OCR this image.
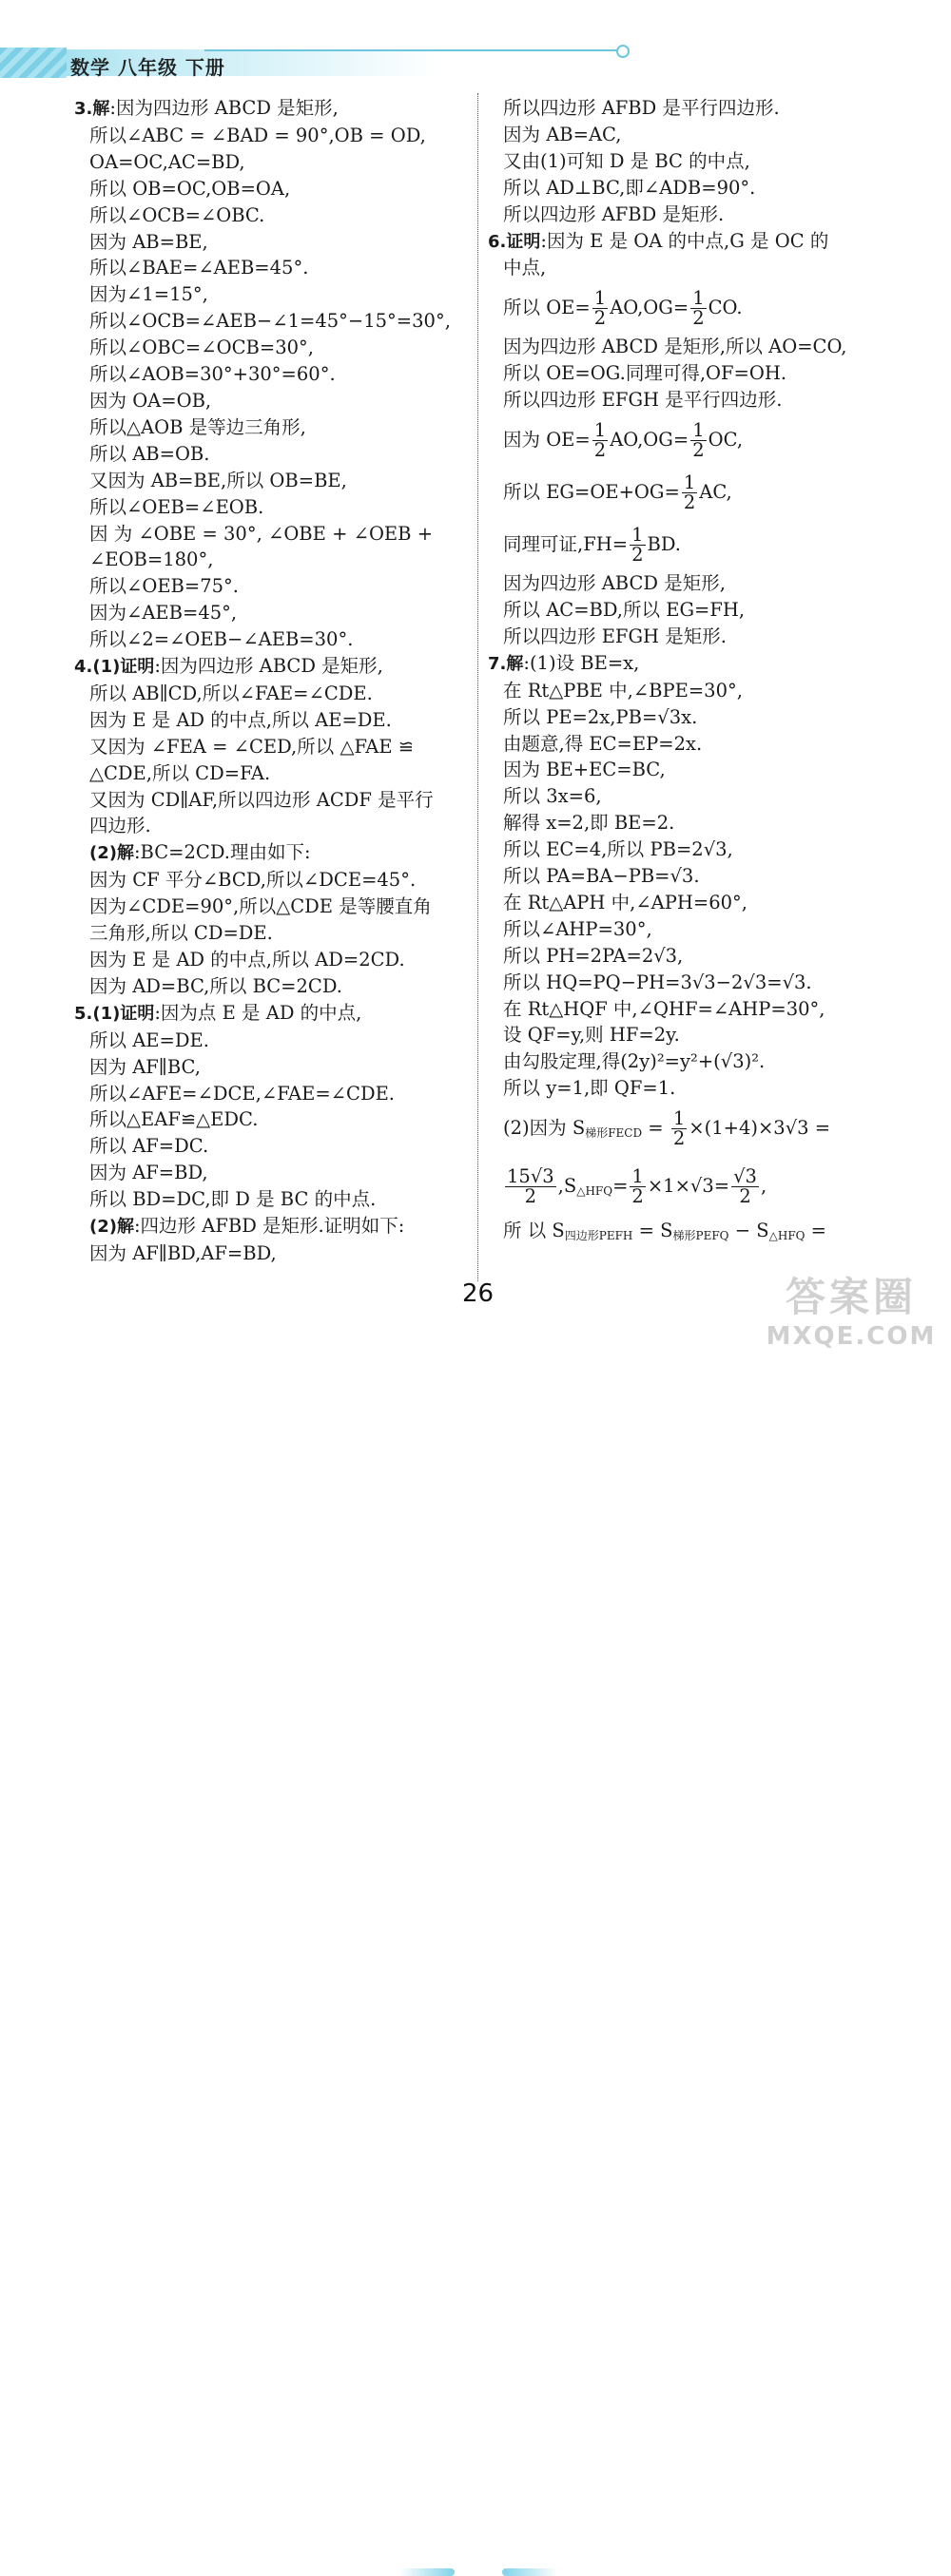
数学 八年级 下册
3.解:因为四边形 ABCD 是矩形,
所以∠ABC = ∠BAD = 90°,OB = OD,
OA=OC,AC=BD,
所以 OB=OC,OB=OA,
所以∠OCB=∠OBC.
因为 AB=BE,
所以∠BAE=∠AEB=45°.
因为∠1=15°,
所以∠OCB=∠AEB−∠1=45°−15°=30°,
所以∠OBC=∠OCB=30°,
所以∠AOB=30°+30°=60°.
因为 OA=OB,
所以△AOB 是等边三角形,
所以 AB=OB.
又因为 AB=BE,所以 OB=BE,
所以∠OEB=∠EOB.
因 为 ∠OBE = 30°, ∠OBE + ∠OEB +
∠EOB=180°,
所以∠OEB=75°.
因为∠AEB=45°,
所以∠2=∠OEB−∠AEB=30°.
4.(1)证明:因为四边形 ABCD 是矩形,
所以 AB∥CD,所以∠FAE=∠CDE.
因为 E 是 AD 的中点,所以 AE=DE.
又因为 ∠FEA = ∠CED,所以 △FAE ≌
△CDE,所以 CD=FA.
又因为 CD∥AF,所以四边形 ACDF 是平行
四边形.
(2)解:BC=2CD.理由如下:
因为 CF 平分∠BCD,所以∠DCE=45°.
因为∠CDE=90°,所以△CDE 是等腰直角
三角形,所以 CD=DE.
因为 E 是 AD 的中点,所以 AD=2CD.
因为 AD=BC,所以 BC=2CD.
5.(1)证明:因为点 E 是 AD 的中点,
所以 AE=DE.
因为 AF∥BC,
所以∠AFE=∠DCE,∠FAE=∠CDE.
所以△EAF≌△EDC.
所以 AF=DC.
因为 AF=BD,
所以 BD=DC,即 D 是 BC 的中点.
(2)解:四边形 AFBD 是矩形.证明如下:
因为 AF∥BD,AF=BD,
所以四边形 AFBD 是平行四边形.
因为 AB=AC,
又由(1)可知 D 是 BC 的中点,
所以 AD⊥BC,即∠ADB=90°.
所以四边形 AFBD 是矩形.
6.证明:因为 E 是 OA 的中点,G 是 OC 的
中点,
所以 $OE= \frac{1}{2} AO,OG= \frac{1}{2}$ CO.
因为四边形 ABCD 是矩形,所以 AO=CO,
所以 OE=OG.同理可得,OF=OH.
所以四边形 EFGH 是平行四边形.
因为 $OE= \frac{1}{2} AO,OG= \frac{1}{2}$ OC,
所以 $EG=OE+OG= \frac{1}{2}$ AC,
同理可证$,FH= \frac{1}{2}$ BD.
因为四边形 ABCD 是矩形,
所以 AC=BD,所以 EG=FH,
所以四边形 EFGH 是矩形.
7.解:(1)设 BE=x,
在 Rt△PBE 中,∠BPE=30°,
所以 PE=2x,PB=√3x.
由题意,得 EC=EP=2x.
因为 BE+EC=BC,
所以 3x=6,
解得 x=2,即 BE=2.
所以 EC=4,所以 PB=2√3,
所以 PA=BA−PB=√3.
在 Rt△APH 中,∠APH=60°,
所以∠AHP=30°,
所以 PH=2PA=2√3,
所以 HQ=PQ−PH=3√3−2√3=√3.
在 Rt△HQF 中,∠QHF=∠AHP=30°,
设 QF=y,则 HF=2y.
由勾股定理,得(2y)²=y²+(√3)².
所以 y=1,即 QF=1.
(2)因为 $S_{梯形FECD} = \frac{1}{2} \times(1+4)\times 3√3$ =
$\frac{15√3}{2} ,S_{\triangle HFQ}= \frac{1}{2} \times 1\times√3= \frac{√3}{2}$ ,
所 以 $S_{四边形PEFH} = S_{梯形PEFQ} - S_{\triangle HFQ}$ =
26	答案圈
MXQE.COM
